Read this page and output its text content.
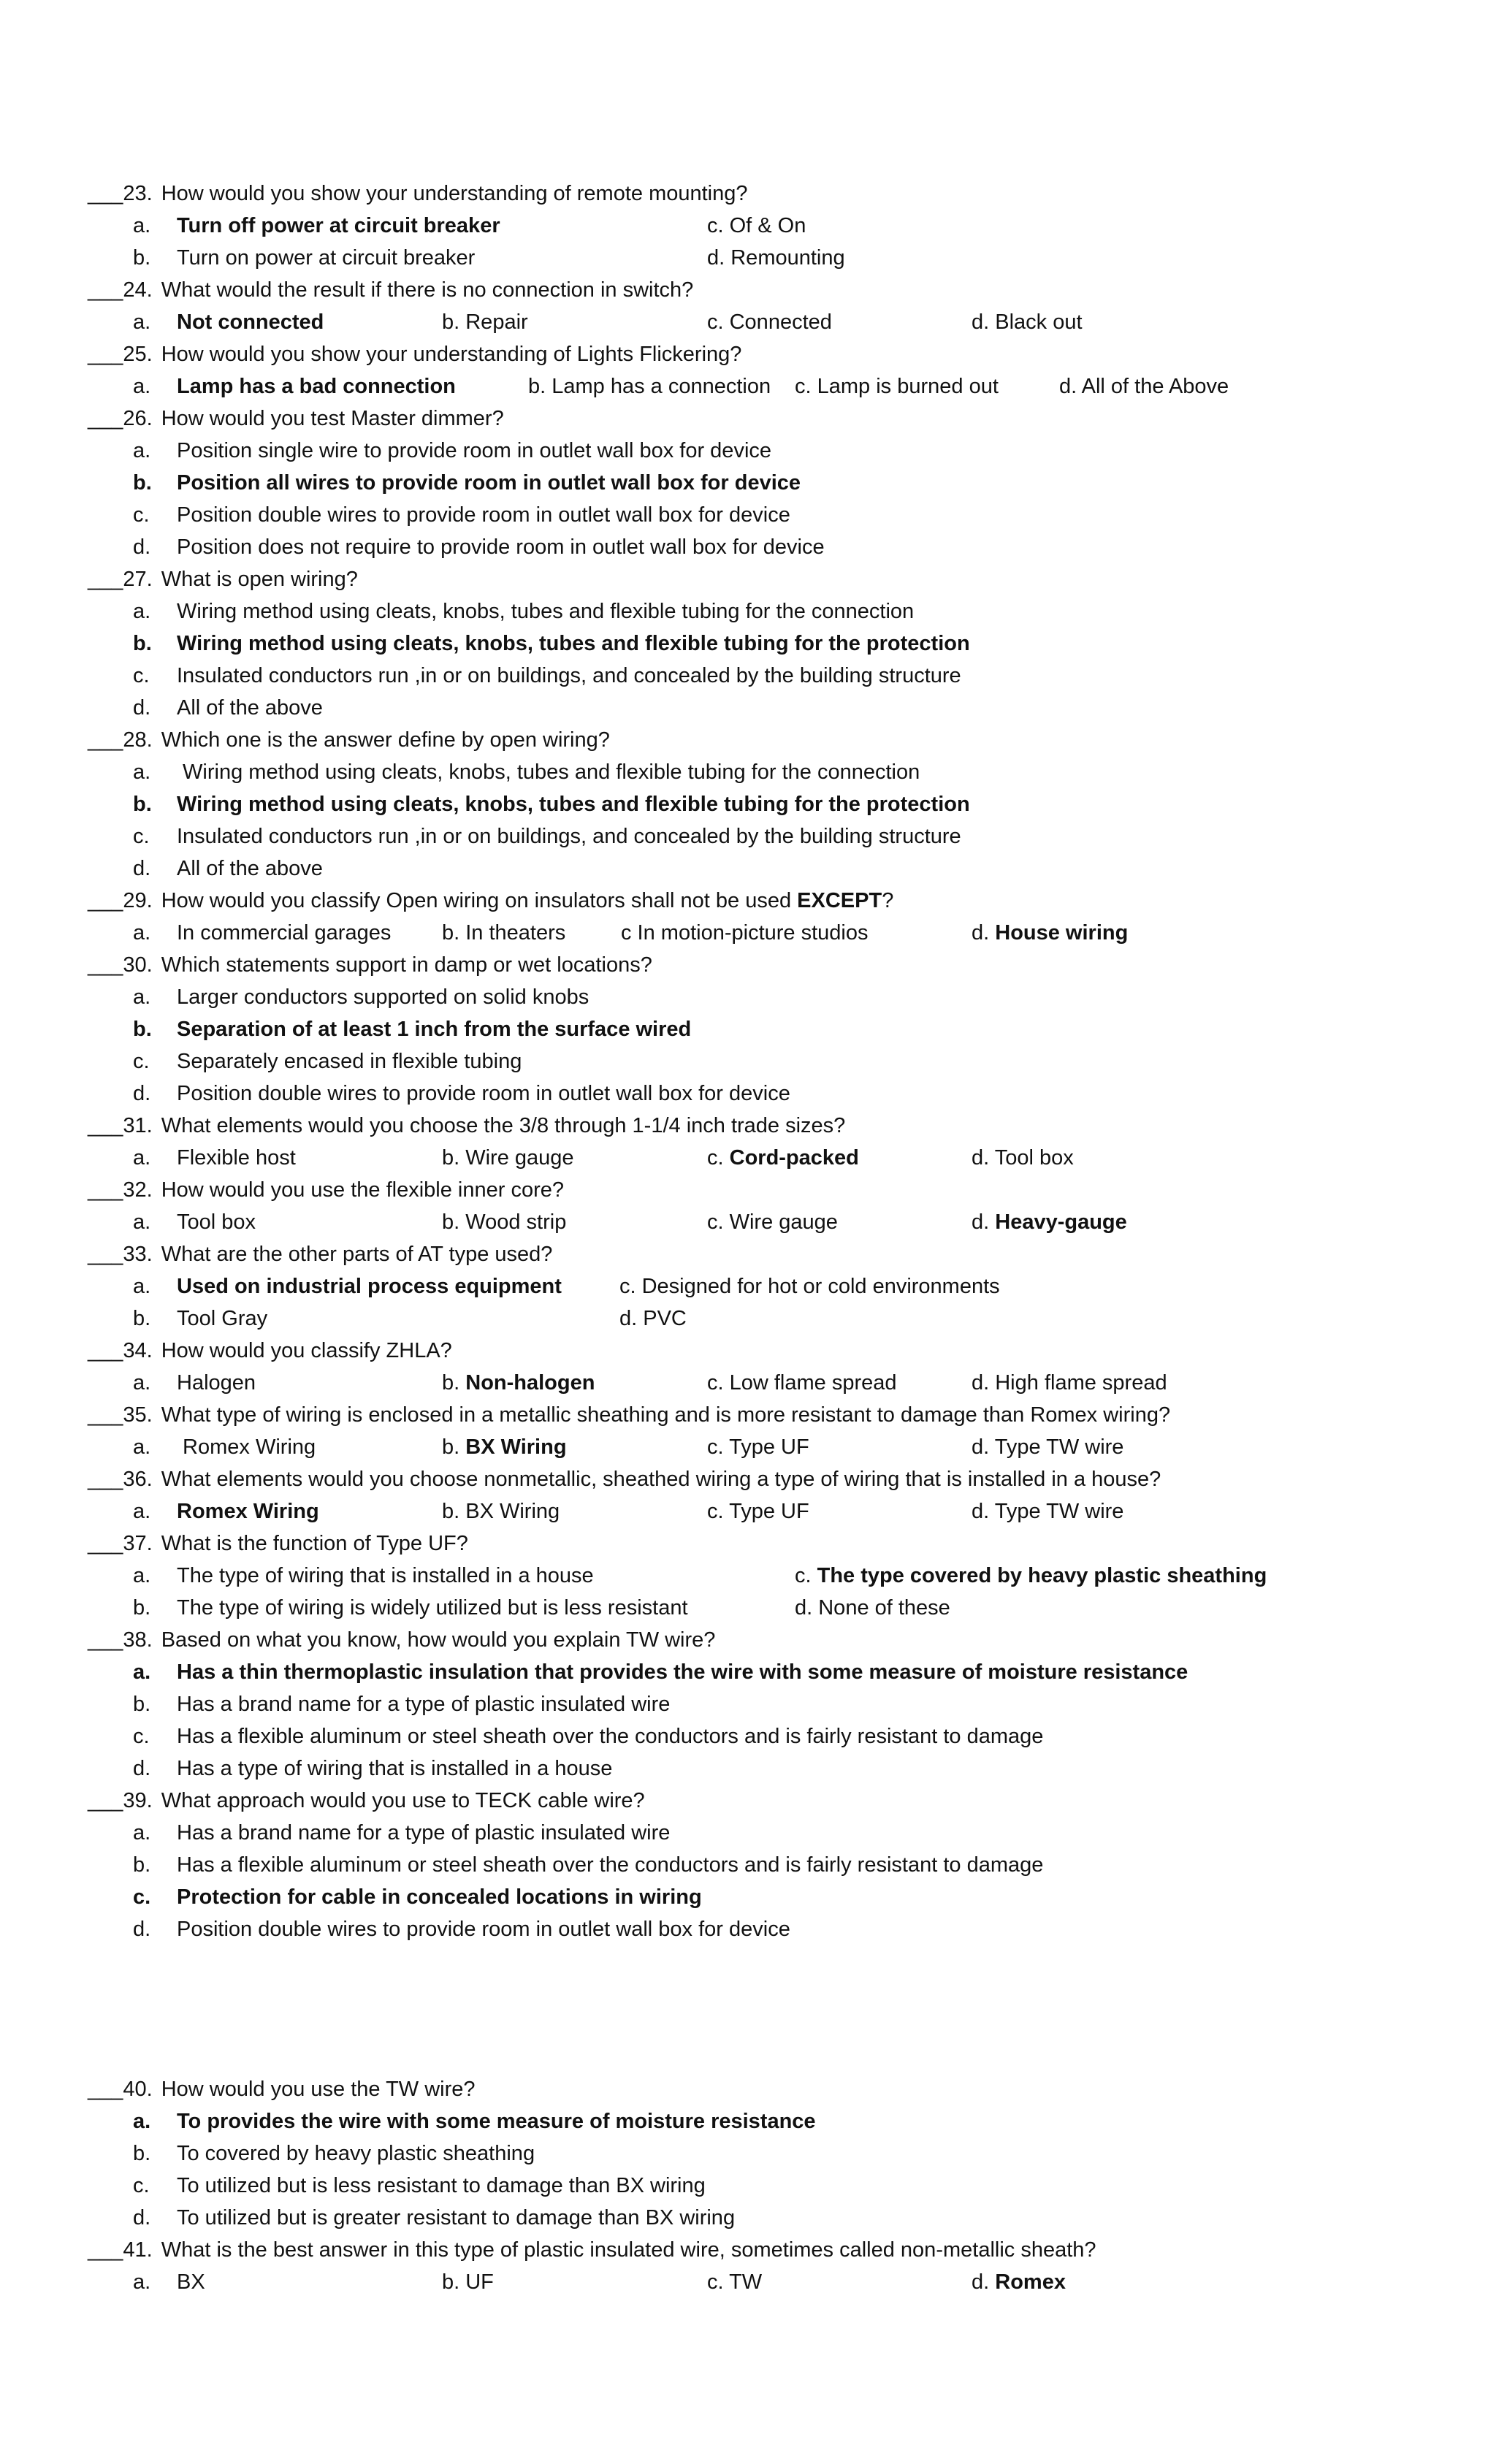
___23. How would you show your understanding of remote mounting?
a. Turn off power at circuit breaker	c. Of & On
b. Turn on power at circuit breaker	d. Remounting
___24. What would the result if there is no connection in switch?
a. Not connected	b. Repair	c. Connected	d. Black out
___25. How would you show your understanding of Lights Flickering?
a. Lamp has a bad connection	b. Lamp has a connection c. Lamp is burned out	d. All of the Above
___26. How would you test Master dimmer?
a. Position single wire to provide room in outlet wall box for device
b. Position all wires to provide room in outlet wall box for device
c. Position double wires to provide room in outlet wall box for device
d. Position does not require to provide room in outlet wall box for device
___27. What is open wiring?
a. Wiring method using cleats, knobs, tubes and flexible tubing for the connection
b. Wiring method using cleats, knobs, tubes and flexible tubing for the protection
c. Insulated conductors run ,in or on buildings, and concealed by the building structure
d. All of the above
___28. Which one is the answer define by open wiring?
a. Wiring method using cleats, knobs, tubes and flexible tubing for the connection
b. Wiring method using cleats, knobs, tubes and flexible tubing for the protection
c. Insulated conductors run ,in or on buildings, and concealed by the building structure
d. All of the above
___29. How would you classify Open wiring on insulators shall not be used EXCEPT?
a. In commercial garages b. In theaters	c In motion-picture studios	d. House wiring
___30. Which statements support in damp or wet locations?
a. Larger conductors supported on solid knobs
b. Separation of at least 1 inch from the surface wired
c. Separately encased in flexible tubing
d. Position double wires to provide room in outlet wall box for device
___31. What elements would you choose the 3/8 through 1-1/4 inch trade sizes?
a. Flexible host	b. Wire gauge	c. Cord-packed	d. Tool box
___32. How would you use the flexible inner core?
a. Tool box	b. Wood strip	c. Wire gauge	d. Heavy-gauge
___33. What are the other parts of AT type used?
a. Used on industrial process equipment	c. Designed for hot or cold environments
b. Tool Gray	d. PVC
___34. How would you classify ZHLA?
a. Halogen	b. Non-halogen	c. Low flame spread	d. High flame spread
___35. What type of wiring is enclosed in a metallic sheathing and is more resistant to damage than Romex wiring?
a. Romex Wiring	b. BX Wiring	c. Type UF	d. Type TW wire
___36. What elements would you choose nonmetallic, sheathed wiring a type of wiring that is installed in a house?
a. Romex Wiring	b. BX Wiring	c. Type UF	d. Type TW wire
___37. What is the function of Type UF?
a. The type of wiring that is installed in a house	c. The type covered by heavy plastic sheathing
b. The type of wiring is widely utilized but is less resistant	d. None of these
___38. Based on what you know, how would you explain TW wire?
a. Has a thin thermoplastic insulation that provides the wire with some measure of moisture resistance
b. Has a brand name for a type of plastic insulated wire
c. Has a flexible aluminum or steel sheath over the conductors and is fairly resistant to damage
d. Has a type of wiring that is installed in a house
___39. What approach would you use to TECK cable wire?
a. Has a brand name for a type of plastic insulated wire
b. Has a flexible aluminum or steel sheath over the conductors and is fairly resistant to damage
c. Protection for cable in concealed locations in wiring
d. Position double wires to provide room in outlet wall box for device
___40. How would you use the TW wire?
a. To provides the wire with some measure of moisture resistance
b. To covered by heavy plastic sheathing
c. To utilized but is less resistant to damage than BX wiring
d. To utilized but is greater resistant to damage than BX wiring
___41. What is the best answer in this type of plastic insulated wire, sometimes called non-metallic sheath?
a. BX	b. UF	c. TW	d. Romex
